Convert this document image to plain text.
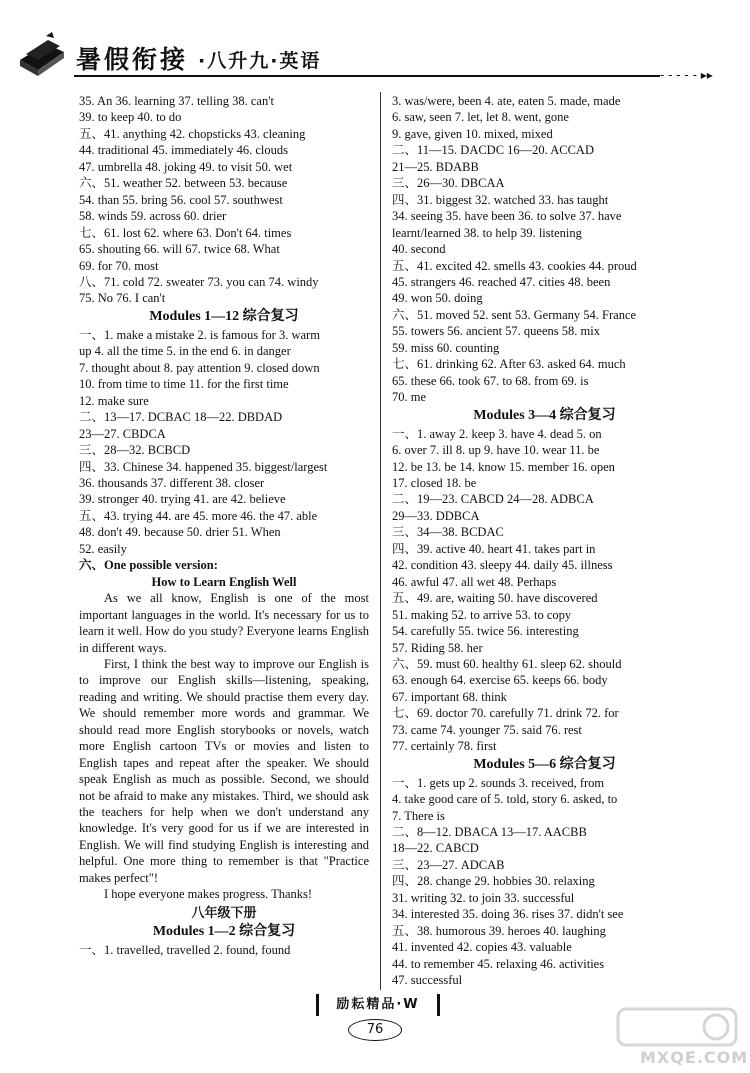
暑假衔接 ·八升九·英语
- - - - - ▸▸
35. An 36. learning 37. telling 38. can't
39. to keep 40. to do
五、41. anything 42. chopsticks 43. cleaning
44. traditional 45. immediately 46. clouds
47. umbrella 48. joking 49. to visit 50. wet
六、51. weather 52. between 53. because
54. than 55. bring 56. cool 57. southwest
58. winds 59. across 60. drier
七、61. lost 62. where 63. Don't 64. times
65. shouting 66. will 67. twice 68. What
69. for 70. most
八、71. cold 72. sweater 73. you can 74. windy
75. No 76. I can't
Modules 1—12 综合复习
一、1. make a mistake 2. is famous for 3. warm
up 4. all the time 5. in the end 6. in danger
7. thought about 8. pay attention 9. closed down
10. from time to time 11. for the first time
12. make sure
二、13—17. DCBAC 18—22. DBDAD
23—27. CBDCA
三、28—32. BCBCD
四、33. Chinese 34. happened 35. biggest/largest
36. thousands 37. different 38. closer
39. stronger 40. trying 41. are 42. believe
五、43. trying 44. are 45. more 46. the 47. able
48. don't 49. because 50. drier 51. When
52. easily
六、One possible version:
How to Learn English Well
As we all know, English is one of the most important languages in the world. It's necessary for us to learn it well. How do you study? Everyone learns English in different ways.
First, I think the best way to improve our English is to improve our English skills—listening, speaking, reading and writing. We should practise them every day. We should remember more words and grammar. We should read more English storybooks or novels, watch more English cartoon TVs or movies and listen to English tapes and repeat after the speaker. We should speak English as much as possible. Second, we should not be afraid to make any mistakes. Third, we should ask the teachers for help when we don't understand any knowledge. It's very good for us if we are interested in English. We will find studying English is interesting and helpful. One more thing to remember is that "Practice makes perfect"!
I hope everyone makes progress. Thanks!
八年级下册
Modules 1—2 综合复习
一、1. travelled, travelled 2. found, found
3. was/were, been 4. ate, eaten 5. made, made
6. saw, seen 7. let, let 8. went, gone
9. gave, given 10. mixed, mixed
二、11—15. DACDC 16—20. ACCAD
21—25. BDABB
三、26—30. DBCAA
四、31. biggest 32. watched 33. has taught
34. seeing 35. have been 36. to solve 37. have
learnt/learned 38. to help 39. listening
40. second
五、41. excited 42. smells 43. cookies 44. proud
45. strangers 46. reached 47. cities 48. been
49. won 50. doing
六、51. moved 52. sent 53. Germany 54. France
55. towers 56. ancient 57. queens 58. mix
59. miss 60. counting
七、61. drinking 62. After 63. asked 64. much
65. these 66. took 67. to 68. from 69. is
70. me
Modules 3—4 综合复习
一、1. away 2. keep 3. have 4. dead 5. on
6. over 7. ill 8. up 9. have 10. wear 11. be
12. be 13. be 14. know 15. member 16. open
17. closed 18. be
二、19—23. CABCD 24—28. ADBCA
29—33. DDBCA
三、34—38. BCDAC
四、39. active 40. heart 41. takes part in
42. condition 43. sleepy 44. daily 45. illness
46. awful 47. all wet 48. Perhaps
五、49. are, waiting 50. have discovered
51. making 52. to arrive 53. to copy
54. carefully 55. twice 56. interesting
57. Riding 58. her
六、59. must 60. healthy 61. sleep 62. should
63. enough 64. exercise 65. keeps 66. body
67. important 68. think
七、69. doctor 70. carefully 71. drink 72. for
73. came 74. younger 75. said 76. rest
77. certainly 78. first
Modules 5—6 综合复习
一、1. gets up 2. sounds 3. received, from
4. take good care of 5. told, story 6. asked, to
7. There is
二、8—12. DBACA 13—17. AACBB
18—22. CABCD
三、23—27. ADCAB
四、28. change 29. hobbies 30. relaxing
31. writing 32. to join 33. successful
34. interested 35. doing 36. rises 37. didn't see
五、38. humorous 39. heroes 40. laughing
41. invented 42. copies 43. valuable
44. to remember 45. relaxing 46. activities
47. successful
励耘精品·W
76
MXQE.COM
